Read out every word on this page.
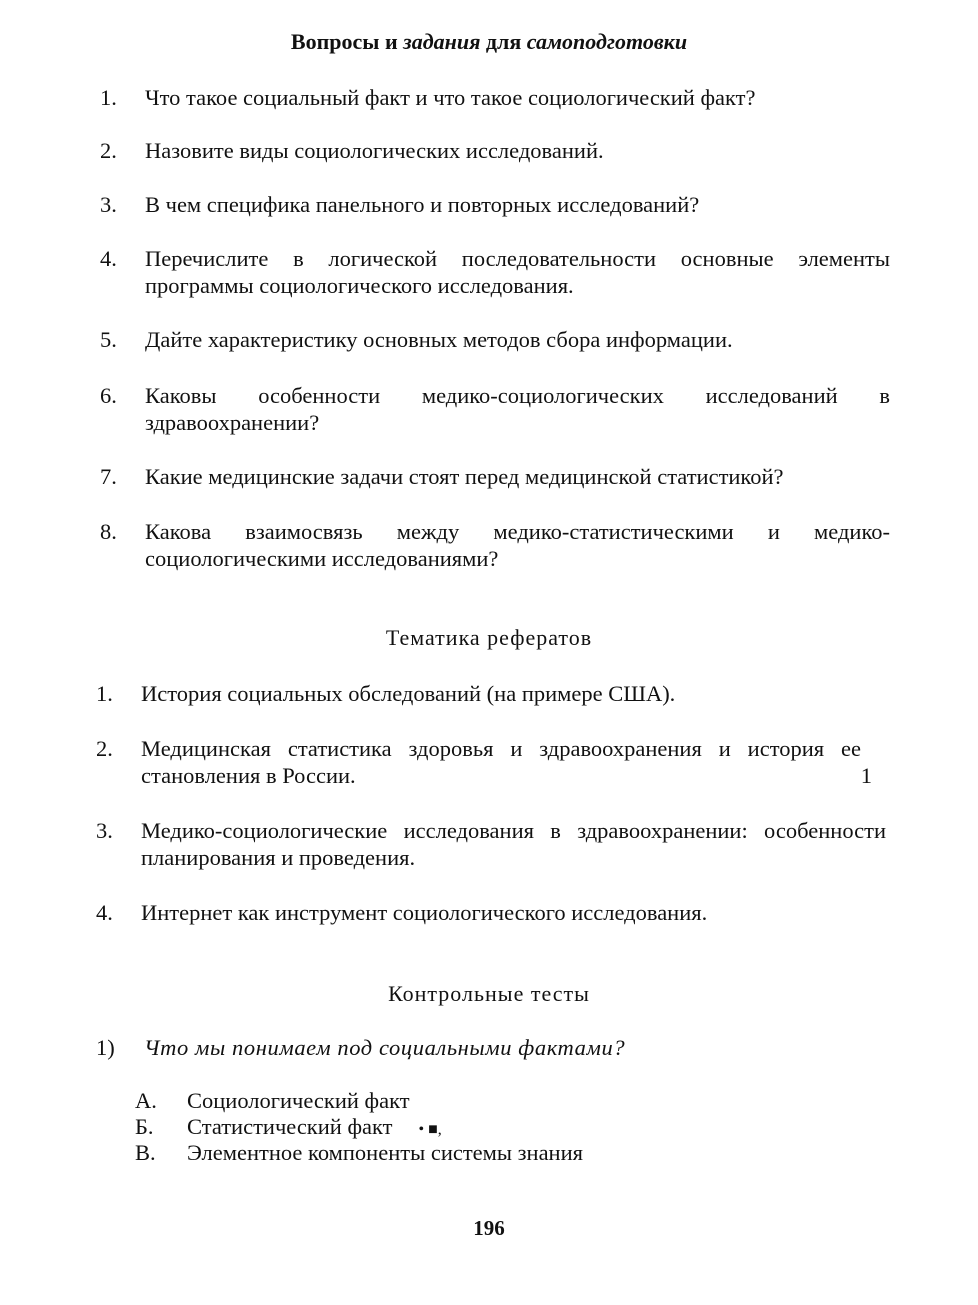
Вопросы и задания для самоподготовки
1. Что такое социальный факт и что такое социологический факт?
2. Назовите виды социологических исследований.
3. В чем специфика панельного и повторных исследований?
4. Перечислите в логической последовательности основные элементы программы социологического исследования.
5. Дайте характеристику основных методов сбора информации.
6. Каковы особенности медико-социологических исследований в здравоохранении?
7. Какие медицинские задачи стоят перед медицинской статистикой?
8. Какова взаимосвязь между медико-статистическими и медико-социологическими исследованиями?
Тематика рефератов
1. История социальных обследований (на примере США).
2. Медицинская статистика здоровья и здравоохранения и история ее становления в России.	1
3. Медико-социологические исследования в здравоохранении: особенности планирования и проведения.
4. Интернет как инструмент социологического исследования.
Контрольные тесты
1) Что мы понимаем под социальными фактами?
А.	Социологический факт
Б.	Статистический факт • ■,
В.	Элементное компоненты системы знания
196
